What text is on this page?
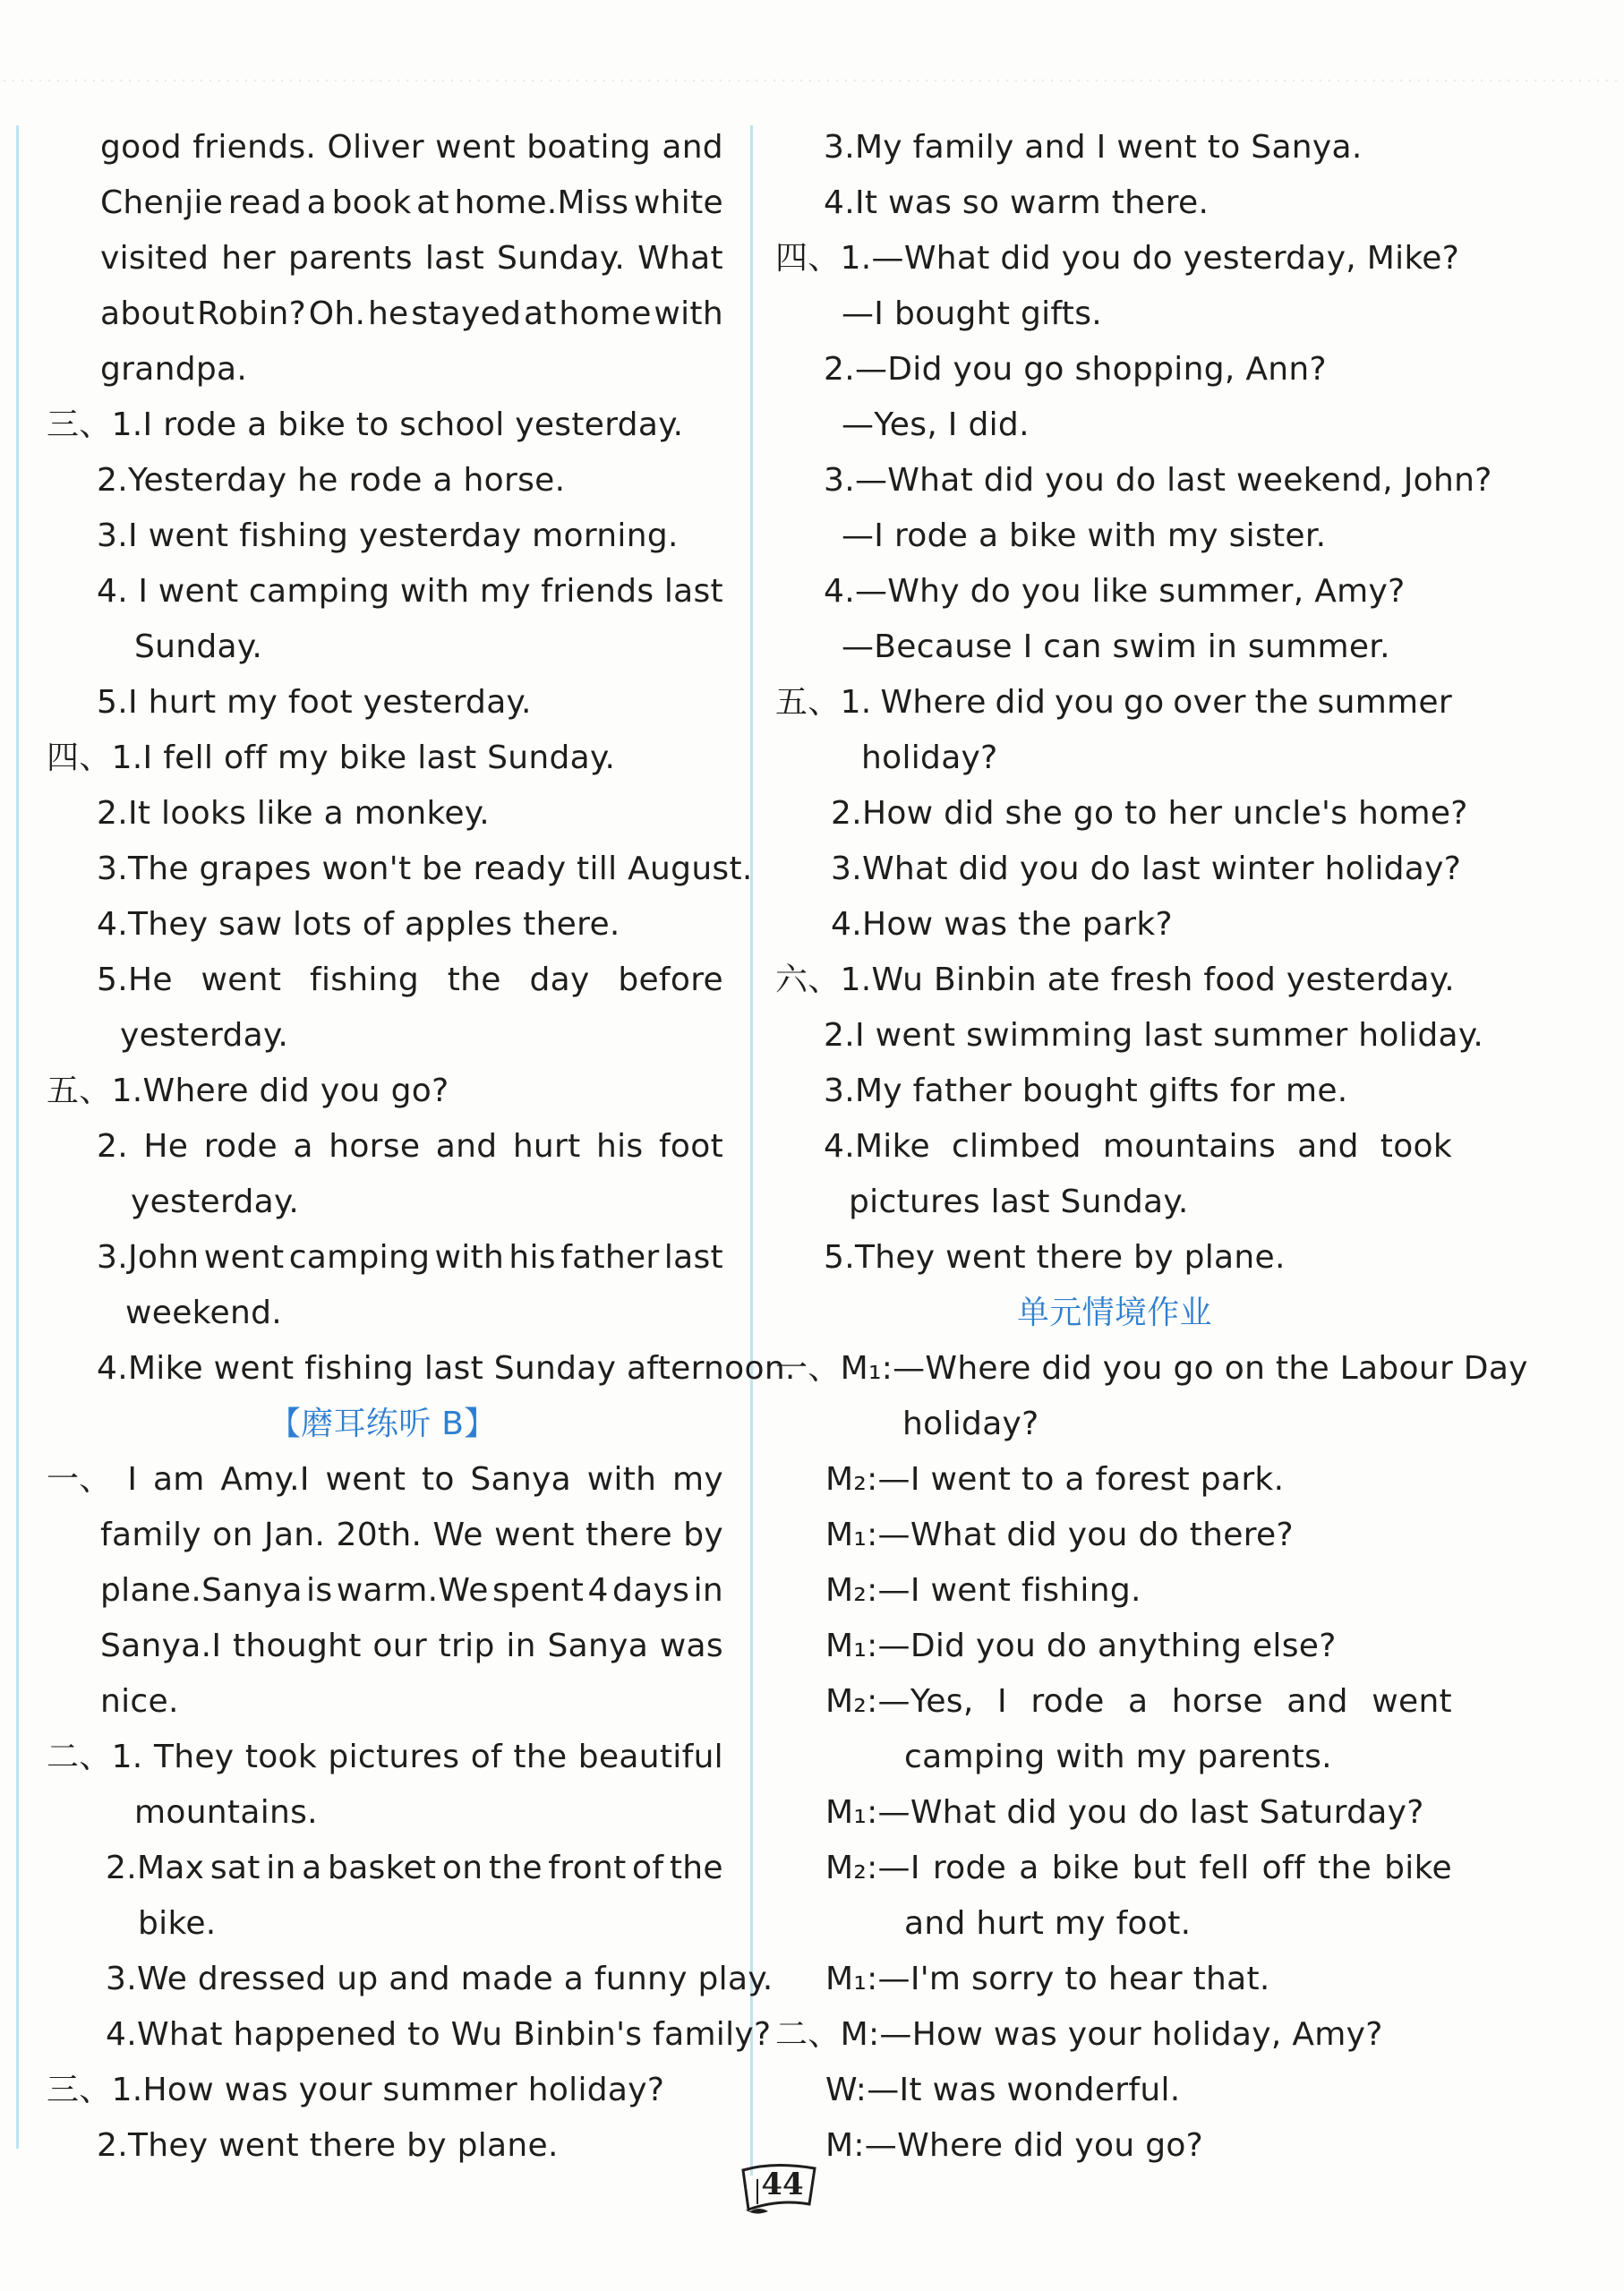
good friends. Oliver went boating and
Chenjie read a book at home.Miss white
visited her parents last Sunday. What
about Robin? Oh. he stayed at home with
grandpa.
三、1.I rode a bike to school yesterday.
2.Yesterday he rode a horse.
3.I went fishing yesterday morning.
4. I went camping with my friends last
Sunday.
5.I hurt my foot yesterday.
四、1.I fell off my bike last Sunday.
2.It looks like a monkey.
3.The grapes won't be ready till August.
4.They saw lots of apples there.
5.He went fishing the day before
yesterday.
五、1.Where did you go?
2. He rode a horse and hurt his foot
yesterday.
3.John went camping with his father last
weekend.
4.Mike went fishing last Sunday afternoon.
【磨耳练听 B】
一、 I am Amy.I went to Sanya with my
family on Jan. 20th. We went there by
plane.Sanya is warm.We spent 4 days in
Sanya.I thought our trip in Sanya was
nice.
二、1. They took pictures of the beautiful
mountains.
2.Max sat in a basket on the front of the
bike.
3.We dressed up and made a funny play.
4.What happened to Wu Binbin's family?
三、1.How was your summer holiday?
2.They went there by plane.
3.My family and I went to Sanya.
4.It was so warm there.
四、1.—What did you do yesterday, Mike?
—I bought gifts.
2.—Did you go shopping, Ann?
—Yes, I did.
3.—What did you do last weekend, John?
—I rode a bike with my sister.
4.—Why do you like summer, Amy?
—Because I can swim in summer.
五、1. Where did you go over the summer
holiday?
2.How did she go to her uncle's home?
3.What did you do last winter holiday?
4.How was the park?
六、1.Wu Binbin ate fresh food yesterday.
2.I went swimming last summer holiday.
3.My father bought gifts for me.
4.Mike climbed mountains and took
pictures last Sunday.
5.They went there by plane.
单元情境作业
一、M₁:—Where did you go on the Labour Day
holiday?
M₂:—I went to a forest park.
M₁:—What did you do there?
M₂:—I went fishing.
M₁:—Did you do anything else?
M₂:—Yes, I rode a horse and went
camping with my parents.
M₁:—What did you do last Saturday?
M₂:—I rode a bike but fell off the bike
and hurt my foot.
M₁:—I'm sorry to hear that.
二、M:—How was your holiday, Amy?
W:—It was wonderful.
M:—Where did you go?
44
